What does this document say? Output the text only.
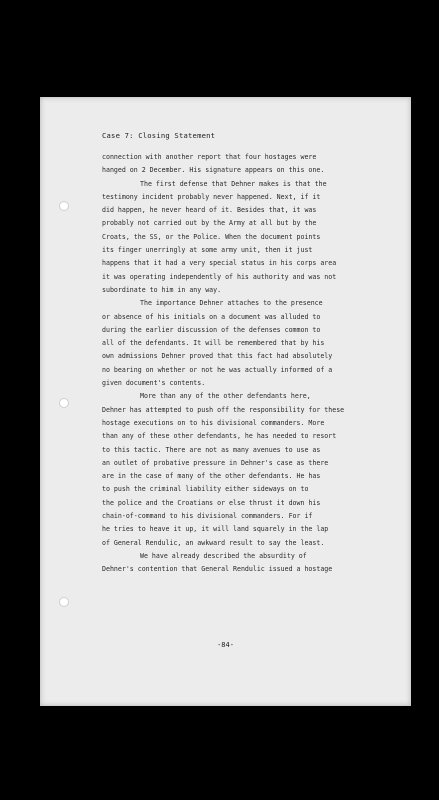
Case 7: Closing Statement
connection with another report that four hostages were
hanged on 2 December. His signature appears on this one.
The first defense that Dehner makes is that the
testimony incident probably never happened. Next, if it
did happen, he never heard of it. Besides that, it was
probably not carried out by the Army at all but by the
Croats, the SS, or the Police. When the document points
its finger unerringly at some army unit, then it just
happens that it had a very special status in his corps area
it was operating independently of his authority and was not
subordinate to him in any way.
The importance Dehner attaches to the presence
or absence of his initials on a document was alluded to
during the earlier discussion of the defenses common to
all of the defendants. It will be remembered that by his
own admissions Dehner proved that this fact had absolutely
no bearing on whether or not he was actually informed of a
given document's contents.
More than any of the other defendants here,
Dehner has attempted to push off the responsibility for these
hostage executions on to his divisional commanders. More
than any of these other defendants, he has needed to resort
to this tactic. There are not as many avenues to use as
an outlet of probative pressure in Dehner's case as there
are in the case of many of the other defendants. He has
to push the criminal liability either sideways on to
the police and the Croatians or else thrust it down his
chain-of-command to his divisional commanders. For if
he tries to heave it up, it will land squarely in the lap
of General Rendulic, an awkward result to say the least.
We have already described the absurdity of
Dehner's contention that General Rendulic issued a hostage
-84-
